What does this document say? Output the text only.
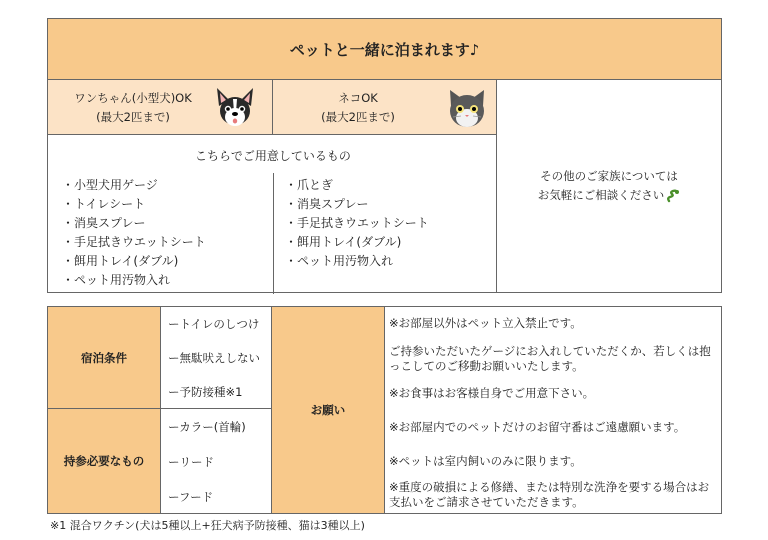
ペットと一緒に泊まれます♪
ワンちゃん(小型犬)OK
(最大2匹まで)
ネコOK
(最大2匹まで)
その他のご家族については
お気軽にご相談ください
こちらでご用意しているもの
・ 小型犬用ゲージ
・ トイレシート
・ 消臭スプレー
・ 手足拭きウエットシート
・ 餌用トレイ(ダブル)
・ ペット用汚物入れ
・ 爪とぎ
・ 消臭スプレー
・ 手足拭きウエットシート
・ 餌用トレイ(ダブル)
・ ペット用汚物入れ
宿泊条件
ートイレのしつけ
ー無駄吠えしない
ー予防接種※1
持参必要なもの
ーカラー(首輪)
ーリード
ーフード
お願い
※お部屋以外はペット立入禁止です。
ご持参いただいたゲージにお入れしていただくか、若しくは抱っこしてのご移動お願いいたします。
※お食事はお客様自身でご用意下さい。
※お部屋内でのペットだけのお留守番はご遠慮願います。
※ペットは室内飼いのみに限ります。
※重度の破損による修繕、または特別な洗浄を要する場合はお支払いをご請求させていただきます。
※1 混合ワクチン(犬は5種以上+狂犬病予防接種、猫は3種以上)
